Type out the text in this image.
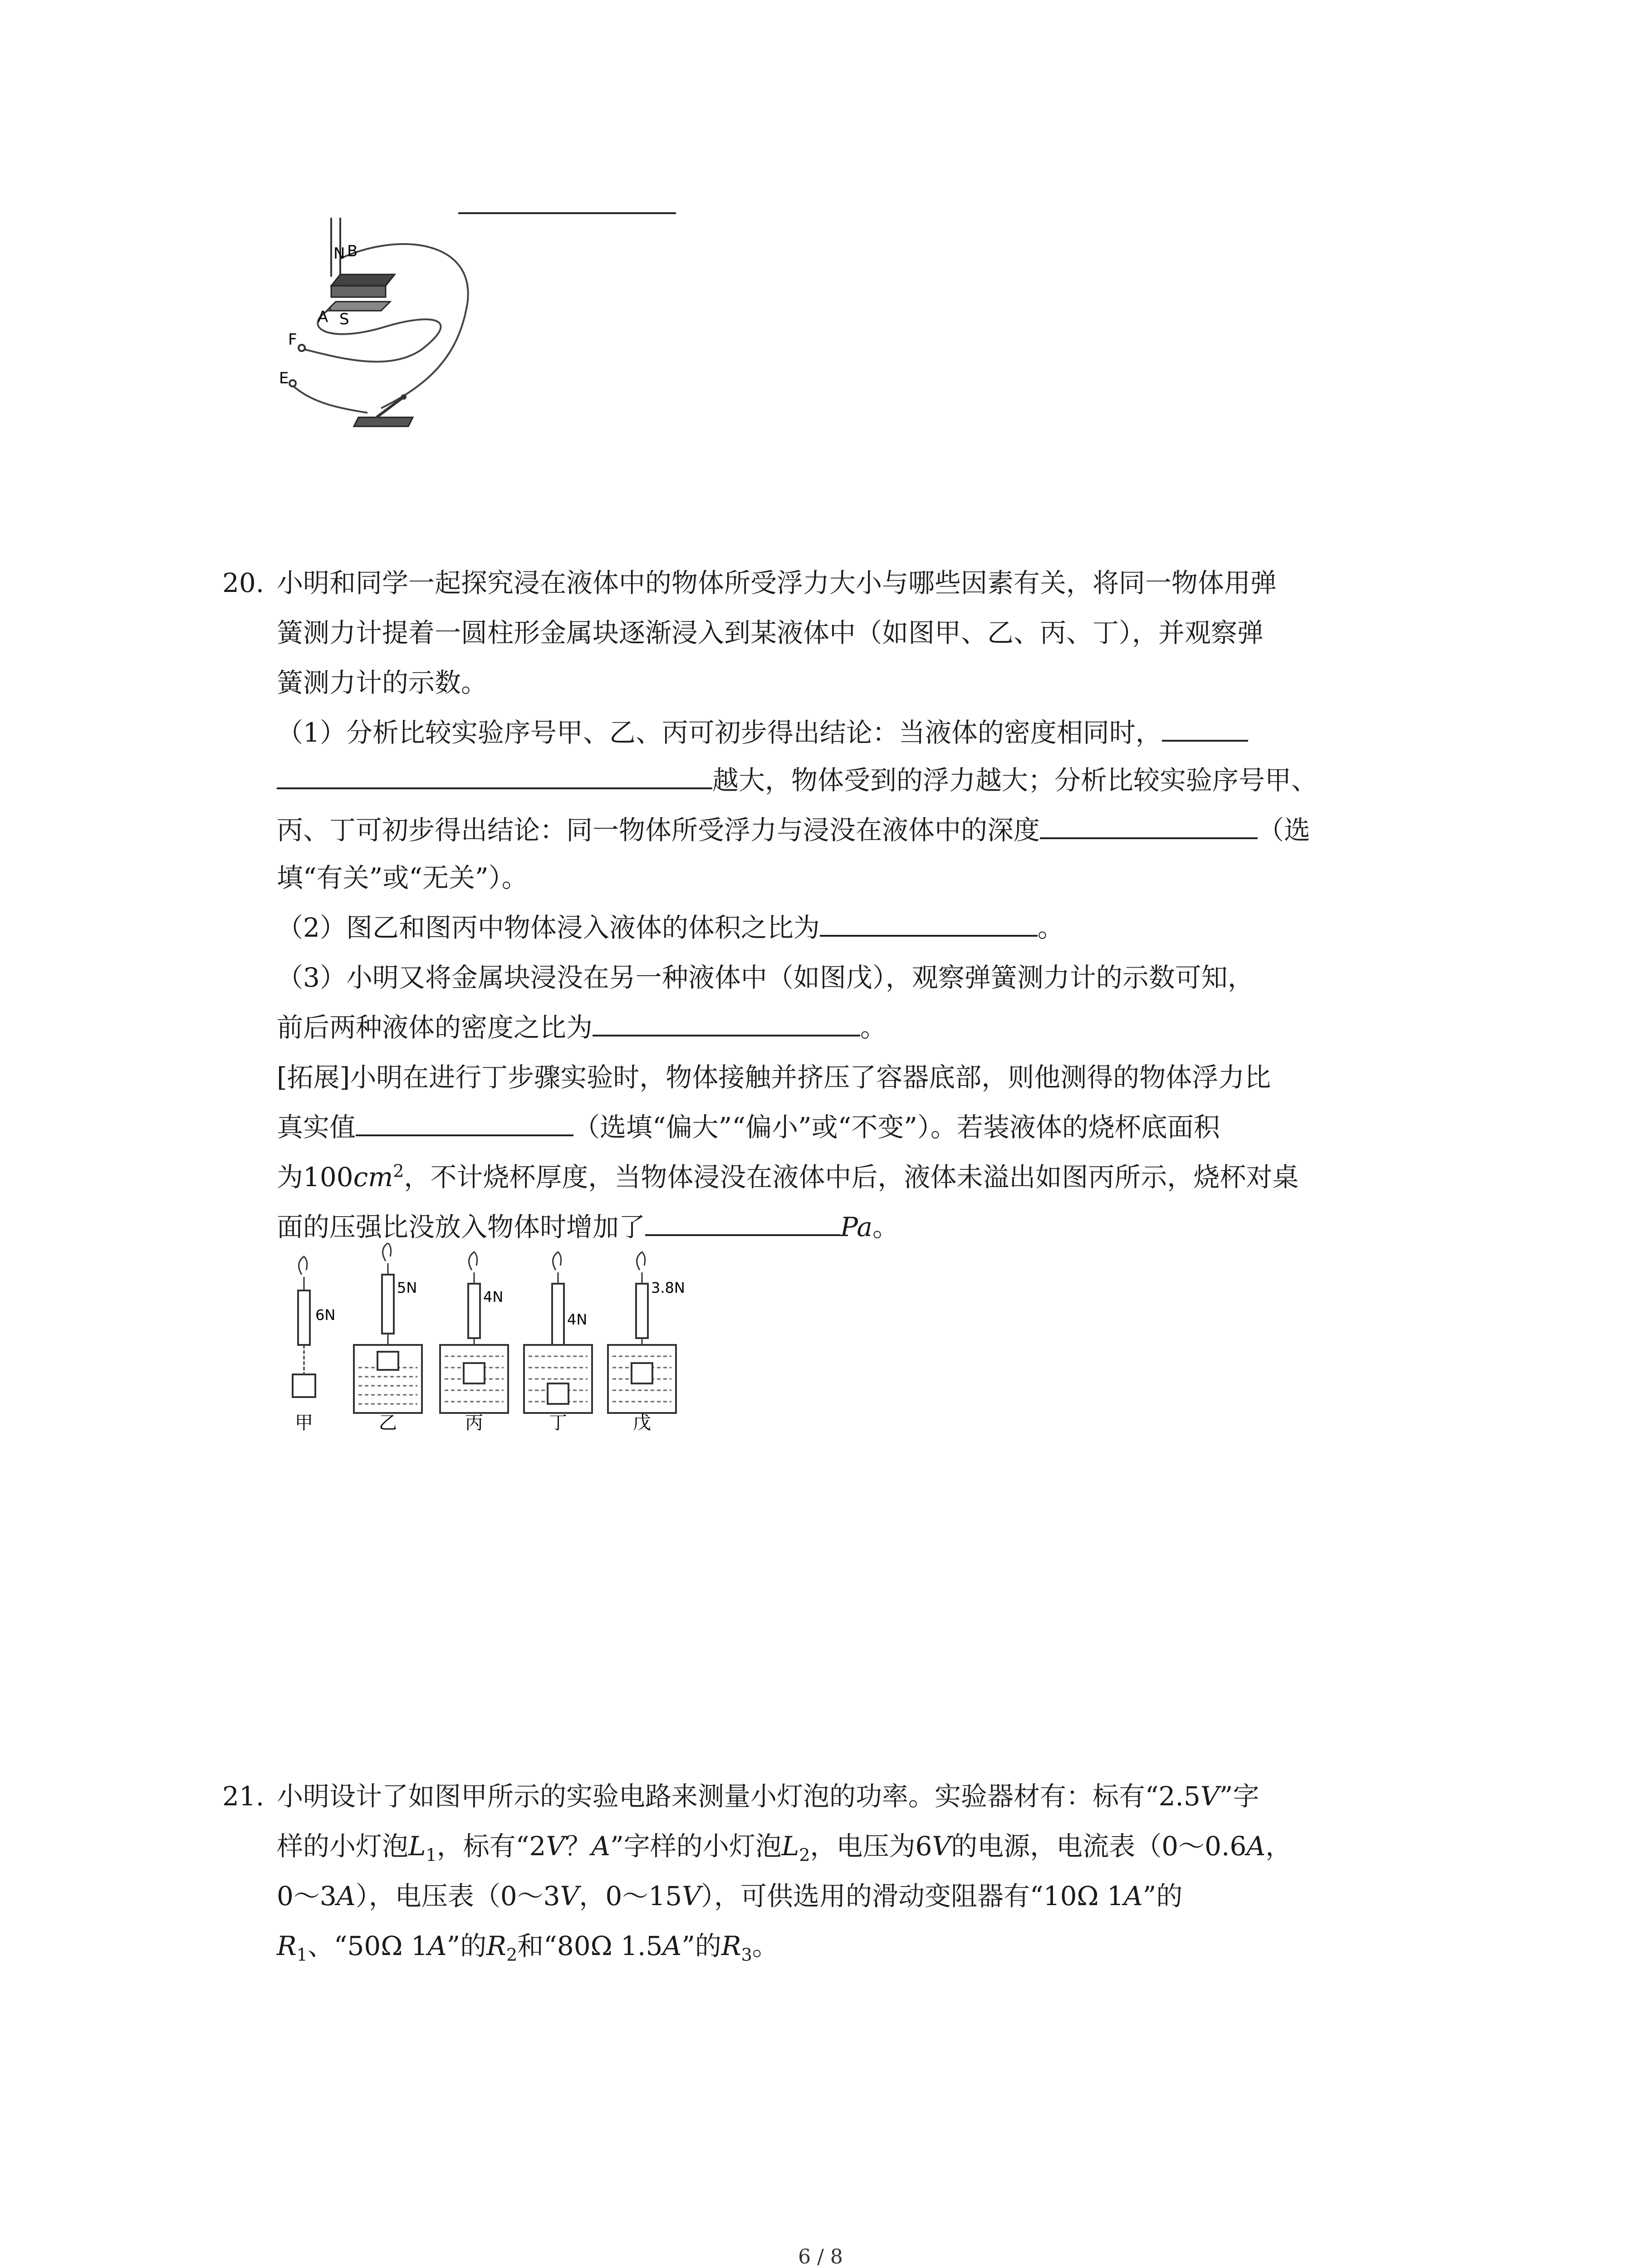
N B
A S
F
E
20. 小明和同学一起探究浸在液体中的物体所受浮力大小与哪些因素有关，将同一物体用弹
簧测力计提着一圆柱形金属块逐渐浸入到某液体中（如图甲、乙、丙、丁），并观察弹
簧测力计的示数。
（1）分析比较实验序号甲、乙、丙可初步得出结论：当液体的密度相同时，
越大，物体受到的浮力越大；分析比较实验序号甲、
丙、丁可初步得出结论：同一物体所受浮力与浸没在液体中的深度	（选
填“有关”或“无关”）。
（2）图乙和图丙中物体浸入液体的体积之比为	。
（3）小明又将金属块浸没在另一种液体中（如图戊），观察弹簧测力计的示数可知，
前后两种液体的密度之比为	。
[拓展]小明在进行丁步骤实验时，物体接触并挤压了容器底部，则他测得的物体浮力比
真实值	（选填“偏大”“偏小”或“不变”）。若装液体的烧杯底面积
为$100cm^2$，不计烧杯厚度，当物体浸没在液体中后，液体未溢出如图丙所示，烧杯对桌
面的压强比没放入物体时增加了	Pa。
6N
甲
5N
乙
4N
丙
4N
丁
3.8N
戊
21. 小明设计了如图甲所示的实验电路来测量小灯泡的功率。实验器材有：标有“2.5V”字
样的小灯泡$L_1$，标有“2V？A”字样的小灯泡$L_2$，电压为6V的电源，电流表（0～0.6A，
0～3A），电压表（0～3V，0～15V），可供选用的滑动变阻器有“10Ω 1A”的
$R_1$、“50Ω 1A”的$R_2$和“80Ω 1.5A”的$R_3$。
6 / 8
